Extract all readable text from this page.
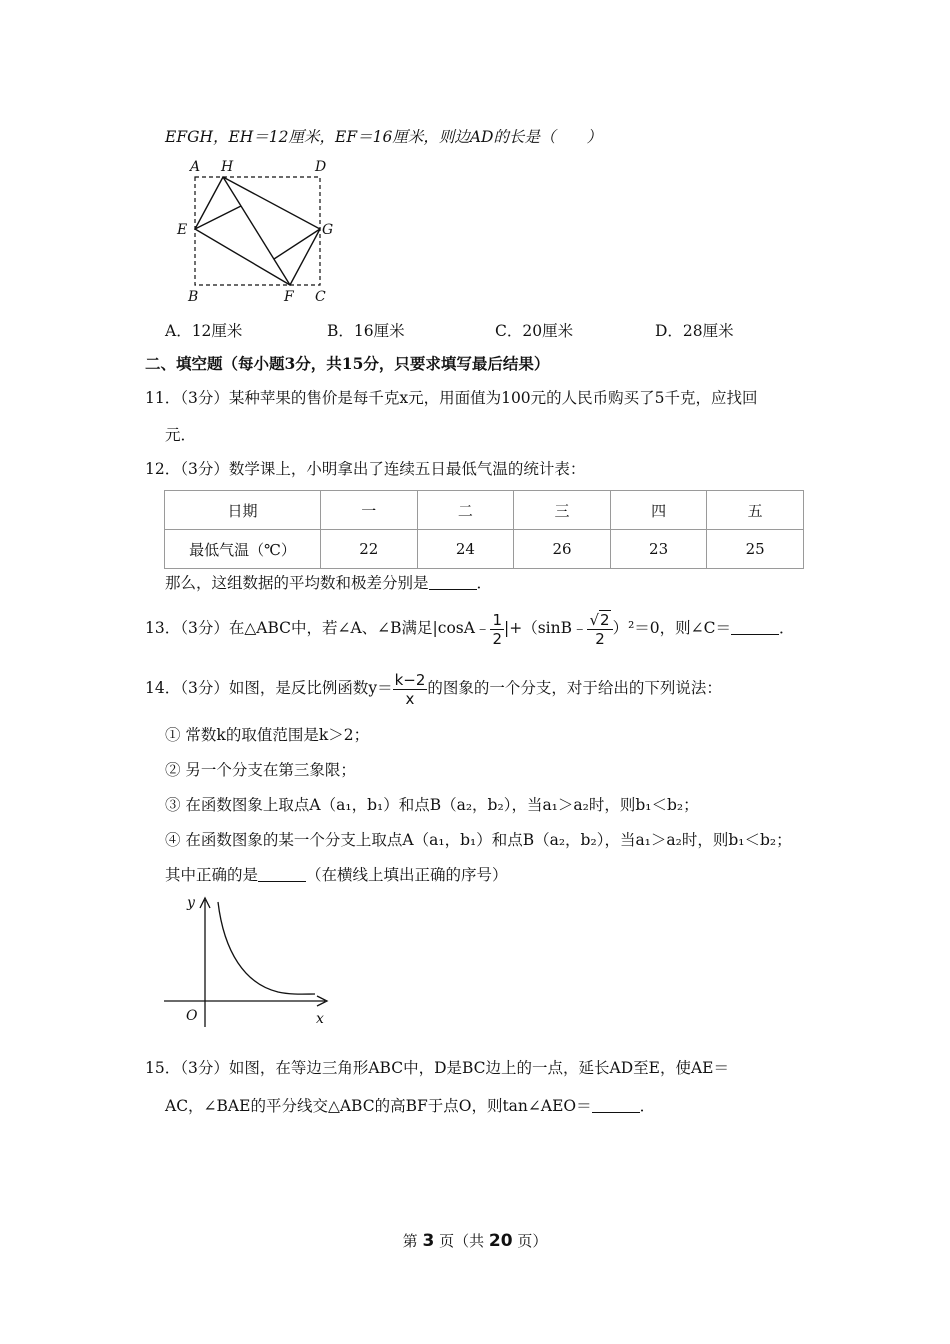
EFGH，EH＝12厘米，EF＝16厘米，则边AD的长是（　　）
A H	D
E	G
B	F C
A．12厘米	B．16厘米	C．20厘米	D．28厘米
二、填空题（每小题3分，共15分，只要求填写最后结果）
11．（3分）某种苹果的售价是每千克x元，用面值为100元的人民币购买了5千克，应找回
元．
12．（3分）数学课上，小明拿出了连续五日最低气温的统计表：
日期	一	二	三	四	五
最低气温（℃）	22	24	26	23	25
那么，这组数据的平均数和极差分别是	．
13．（3分）在△ABC中，若∠A、∠B满足|cosA﹣ $\frac{1}{2}$ |+（sinB﹣ $\frac{√2}{2} )^2=0$，则∠C＝	．
14．（3分）如图，是反比例函数$y= \frac{k-2}{x}$ 的图象的一个分支，对于给出的下列说法：
① 常数k的取值范围是k＞2；
② 另一个分支在第三象限；
③ 在函数图象上取点A（a₁，b₁）和点B（a₂，b₂），当a₁＞a₂时，则b₁＜b₂；
④ 在函数图象的某一个分支上取点A（a₁，b₁）和点B（a₂，b₂），当a₁＞a₂时，则b₁＜b₂；
其中正确的是	（在横线上填出正确的序号）
y
x
O
15．（3分）如图，在等边三角形ABC中，D是BC边上的一点，延长AD至E，使AE＝
AC，∠BAE的平分线交△ABC的高BF于点O，则tan∠AEO＝	．
第 3 页（共 20 页）
